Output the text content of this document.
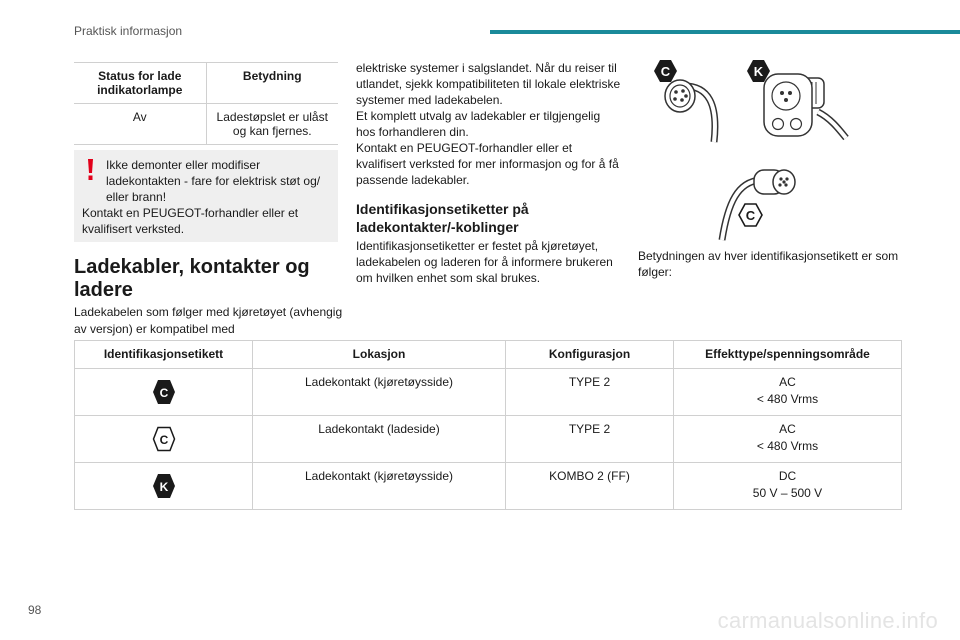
Praktisk informasjon
Status for lade indikatorlampe	Betydning
Av	Ladestøpslet er ulåst og kan fjernes.
Ikke demonter eller modifiser ladekontakten - fare for elektrisk støt og/ eller brann!
Kontakt en PEUGEOT-forhandler eller et kvalifisert verksted.
Ladekabler, kontakter og ladere
Ladekabelen som følger med kjøretøyet (avhengig av versjon) er kompatibel med
elektriske systemer i salgslandet. Når du reiser til utlandet, sjekk kompatibiliteten til lokale elektriske systemer med ladekabelen.
Et komplett utvalg av ladekabler er tilgjengelig hos forhandleren din.
Kontakt en PEUGEOT-forhandler eller et kvalifisert verksted for mer informasjon og for å få passende ladekabler.
Identifikasjonsetiketter på ladekontakter/-koblinger
Identifikasjonsetiketter er festet på kjøretøyet, ladekabelen og laderen for å informere brukeren om hvilken enhet som skal brukes.
C	K
C
Betydningen av hver identifikasjonsetikett er som følger:
Identifikasjonsetikett	Lokasjon	Konfigurasjon	Effekttype/spenningsområde

C	Ladekontakt (kjøretøysside)	TYPE 2	AC
< 480 Vrms

C	Ladekontakt (ladeside)	TYPE 2	AC
< 480 Vrms

K	Ladekontakt (kjøretøysside)	KOMBO 2 (FF)	DC
50 V – 500 V
98	carmanualsonline.info
